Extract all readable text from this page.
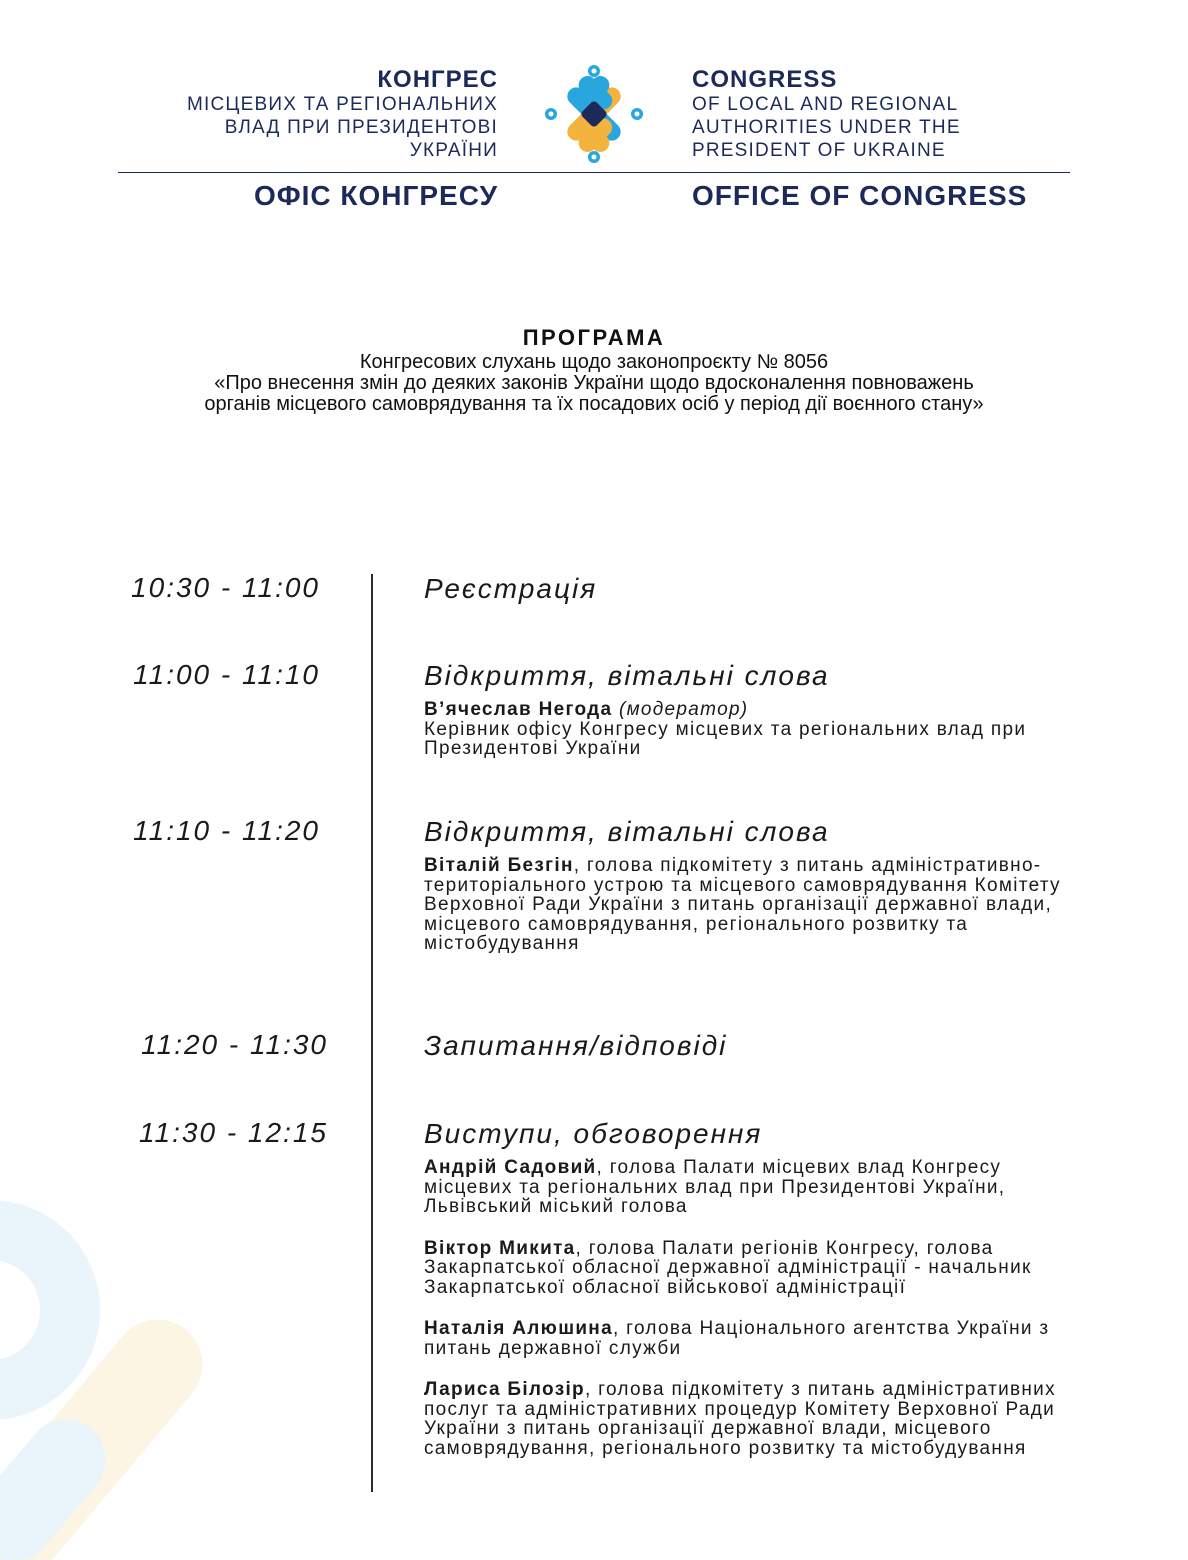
КОНГРЕС
МІСЦЕВИХ ТА РЕГІОНАЛЬНИХ
ВЛАД ПРИ ПРЕЗИДЕНТОВІ
УКРАЇНИ
CONGRESS
OF LOCAL AND REGIONAL
AUTHORITIES UNDER THE
PRESIDENT OF UKRAINE
ОФІС КОНГРЕСУ	OFFICE OF CONGRESS
ПРОГРАМА
Конгресових слухань щодо законопроєкту № 8056
«Про внесення змін до деяких законів України щодо вдосконалення повноважень
органів місцевого самоврядування та їх посадових осіб у період дії воєнного стану»
10:30 - 11:00	Реєстрація
11:00 - 11:10	Відкриття, вітальні слова
В’ячеслав Негода (модератор)
Керівник офісу Конгресу місцевих та регіональних влад при Президентові України
11:10 - 11:20	Відкриття, вітальні слова
Віталій Безгін, голова підкомітету з питань адміністративно-територіального устрою та місцевого самоврядування Комітету Верховної Ради України з питань організації державної влади, місцевого самоврядування, регіонального розвитку та містобудування
11:20 - 11:30	Запитання/відповіді
11:30 - 12:15	Виступи, обговорення
Андрій Садовий, голова Палати місцевих влад Конгресу місцевих та регіональних влад при Президентові України, Львівський міський голова
Віктор Микита, голова Палати регіонів Конгресу, голова Закарпатської обласної державної адміністрації - начальник Закарпатської обласної військової адміністрації
Наталія Алюшина, голова Національного агентства України з питань державної служби
Лариса Білозір, голова підкомітету з питань адміністративних послуг та адміністративних процедур Комітету Верховної Ради України з питань організації державної влади, місцевого самоврядування, регіонального розвитку та містобудування
